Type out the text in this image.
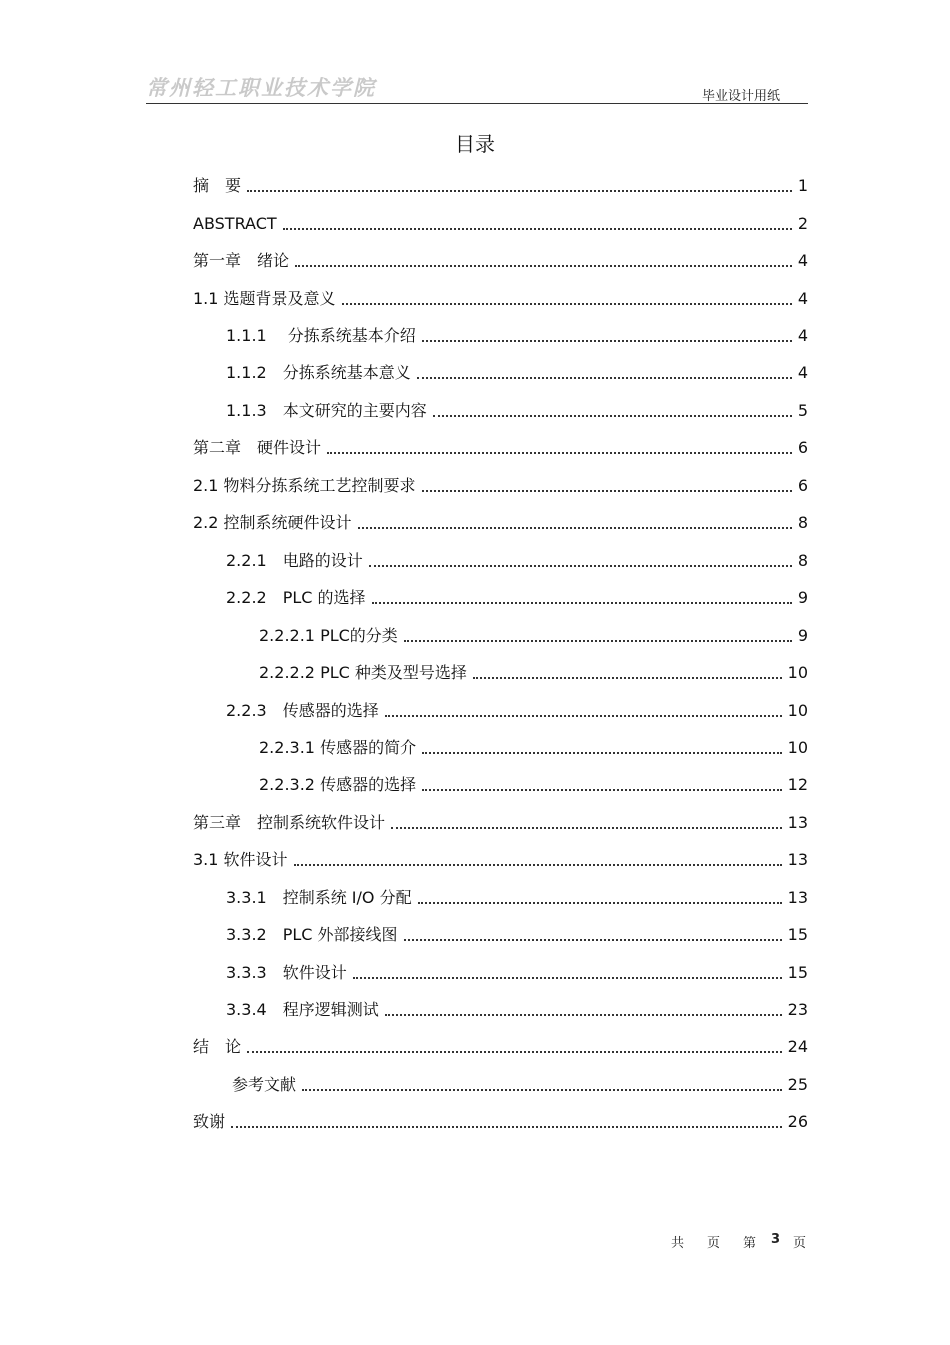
常州轻工职业技术学院	毕业设计用纸
目录
摘　要	1
ABSTRACT	2
第一章　绪论	4
1.1 选题背景及意义	4
1.1.1　 分拣系统基本介绍	4
1.1.2　分拣系统基本意义	4
1.1.3　本文研究的主要内容	5
第二章　硬件设计	6
2.1 物料分拣系统工艺控制要求	6
2.2 控制系统硬件设计	8
2.2.1　电路的设计	8
2.2.2　PLC 的选择	9
2.2.2.1 PLC的分类	9
2.2.2.2 PLC 种类及型号选择	10
2.2.3　传感器的选择	10
2.2.3.1 传感器的简介	10
2.2.3.2 传感器的选择	12
第三章　控制系统软件设计	13
3.1 软件设计	13
3.3.1　控制系统 I/O 分配	13
3.3.2　PLC 外部接线图	15
3.3.3　软件设计	15
3.3.4　程序逻辑测试	23
结　论	24
参考文献	25
致谢	26
共 页 第 3 页
